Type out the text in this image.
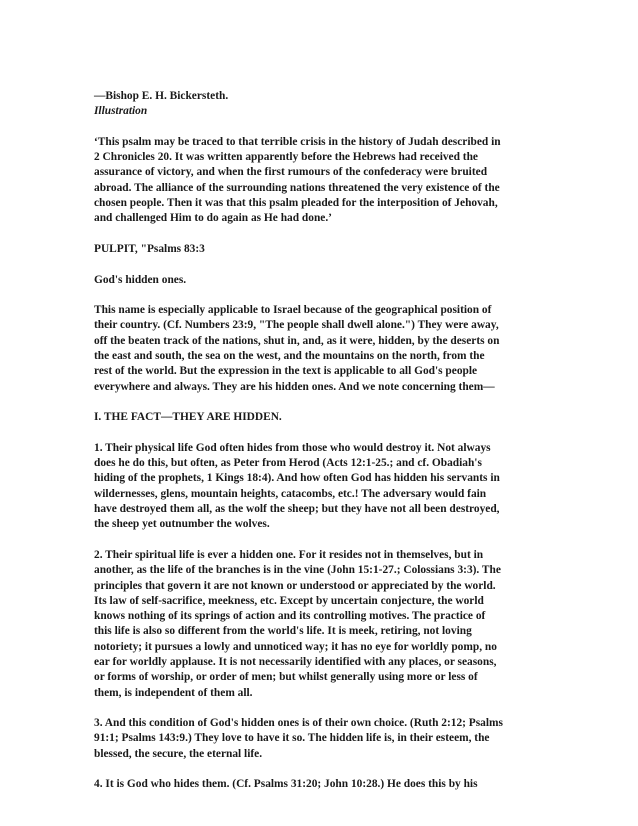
—Bishop E. H. Bickersteth.
Illustration
‘This psalm may be traced to that terrible crisis in the history of Judah described in
2 Chronicles 20. It was written apparently before the Hebrews had received the
assurance of victory, and when the first rumours of the confederacy were bruited
abroad. The alliance of the surrounding nations threatened the very existence of the
chosen people. Then it was that this psalm pleaded for the interposition of Jehovah,
and challenged Him to do again as He had done.’
PULPIT, "Psalms 83:3
God's hidden ones.
This name is especially applicable to Israel because of the geographical position of
their country. (Cf. Numbers 23:9, "The people shall dwell alone.") They were away,
off the beaten track of the nations, shut in, and, as it were, hidden, by the deserts on
the east and south, the sea on the west, and the mountains on the north, from the
rest of the world. But the expression in the text is applicable to all God's people
everywhere and always. They are his hidden ones. And we note concerning them—
I. THE FACT—THEY ARE HIDDEN.
1. Their physical life God often hides from those who would destroy it. Not always
does he do this, but often, as Peter from Herod (Acts 12:1-25.; and cf. Obadiah's
hiding of the prophets, 1 Kings 18:4). And how often God has hidden his servants in
wildernesses, glens, mountain heights, catacombs, etc.! The adversary would fain
have destroyed them all, as the wolf the sheep; but they have not all been destroyed,
the sheep yet outnumber the wolves.
2. Their spiritual life is ever a hidden one. For it resides not in themselves, but in
another, as the life of the branches is in the vine (John 15:1-27.; Colossians 3:3). The
principles that govern it are not known or understood or appreciated by the world.
Its law of self-sacrifice, meekness, etc. Except by uncertain conjecture, the world
knows nothing of its springs of action and its controlling motives. The practice of
this life is also so different from the world's life. It is meek, retiring, not loving
notoriety; it pursues a lowly and unnoticed way; it has no eye for worldly pomp, no
ear for worldly applause. It is not necessarily identified with any places, or seasons,
or forms of worship, or order of men; but whilst generally using more or less of
them, is independent of them all.
3. And this condition of God's hidden ones is of their own choice. (Ruth 2:12; Psalms
91:1; Psalms 143:9.) They love to have it so. The hidden life is, in their esteem, the
blessed, the secure, the eternal life.
4. It is God who hides them. (Cf. Psalms 31:20; John 10:28.) He does this by his
